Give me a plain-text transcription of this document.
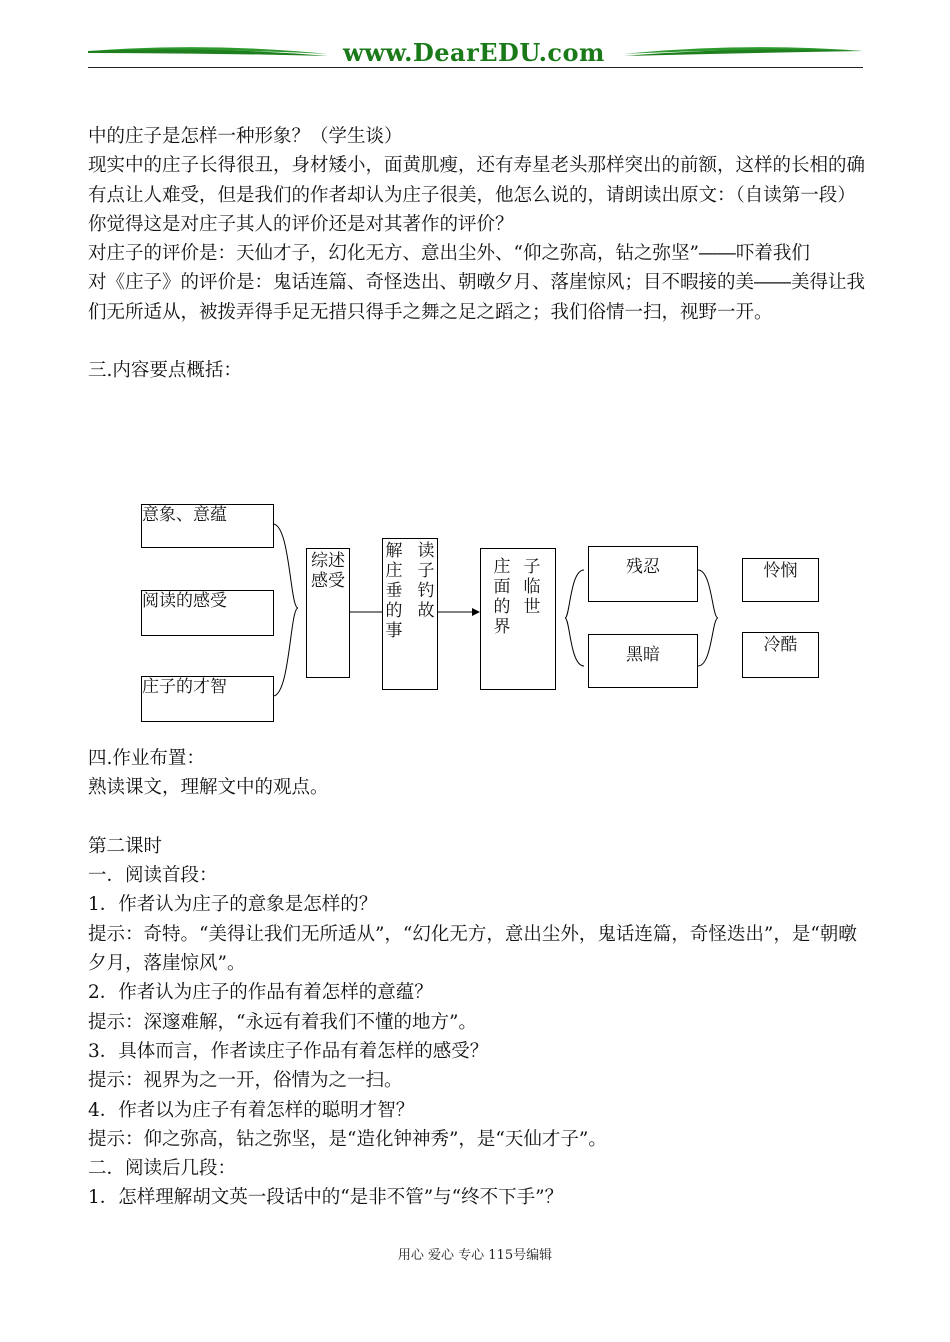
www.DearEDU.com

中的庄子是怎样一种形象？（学生谈）

现实中的庄子长得很丑，身材矮小，面黄肌瘦，还有寿星老头那样突出的前额，这样的长相的确有点让人难受，但是我们的作者却认为庄子很美，他怎么说的，请朗读出原文：（自读第一段）

你觉得这是对庄子其人的评价还是对其著作的评价？

对庄子的评价是：天仙才子，幻化无方、意出尘外、“仰之弥高，钻之弥坚”――吓着我们

对《庄子》的评价是：鬼话连篇、奇怪迭出、朝暾夕月、落崖惊风；目不暇接的美――美得让我们无所适从，被拨弄得手足无措只得手之舞之足之蹈之；我们俗情一扫，视野一开。

三.内容要点概括：

意象、意蕴
阅读的感受
庄子的才智
综述
感受
解
庄
垂
的
事
读
子
钓
故
庄
面
的
界
子
临
世
残忍
黑暗
怜悯
冷酷

四.作业布置：

熟读课文，理解文中的观点。

第二课时

一．阅读首段：

1．作者认为庄子的意象是怎样的？

提示：奇特。“美得让我们无所适从”，“幻化无方，意出尘外，鬼话连篇，奇怪迭出”，是“朝暾夕月，落崖惊风”。

2．作者认为庄子的作品有着怎样的意蕴？

提示：深邃难解，“永远有着我们不懂的地方”。

3．具体而言，作者读庄子作品有着怎样的感受？

提示：视界为之一开，俗情为之一扫。

4．作者以为庄子有着怎样的聪明才智？

提示：仰之弥高，钻之弥坚，是“造化钟神秀”，是“天仙才子”。

二．阅读后几段：

1．怎样理解胡文英一段话中的“是非不管”与“终不下手”？

用心 爱心 专心 115号编辑
